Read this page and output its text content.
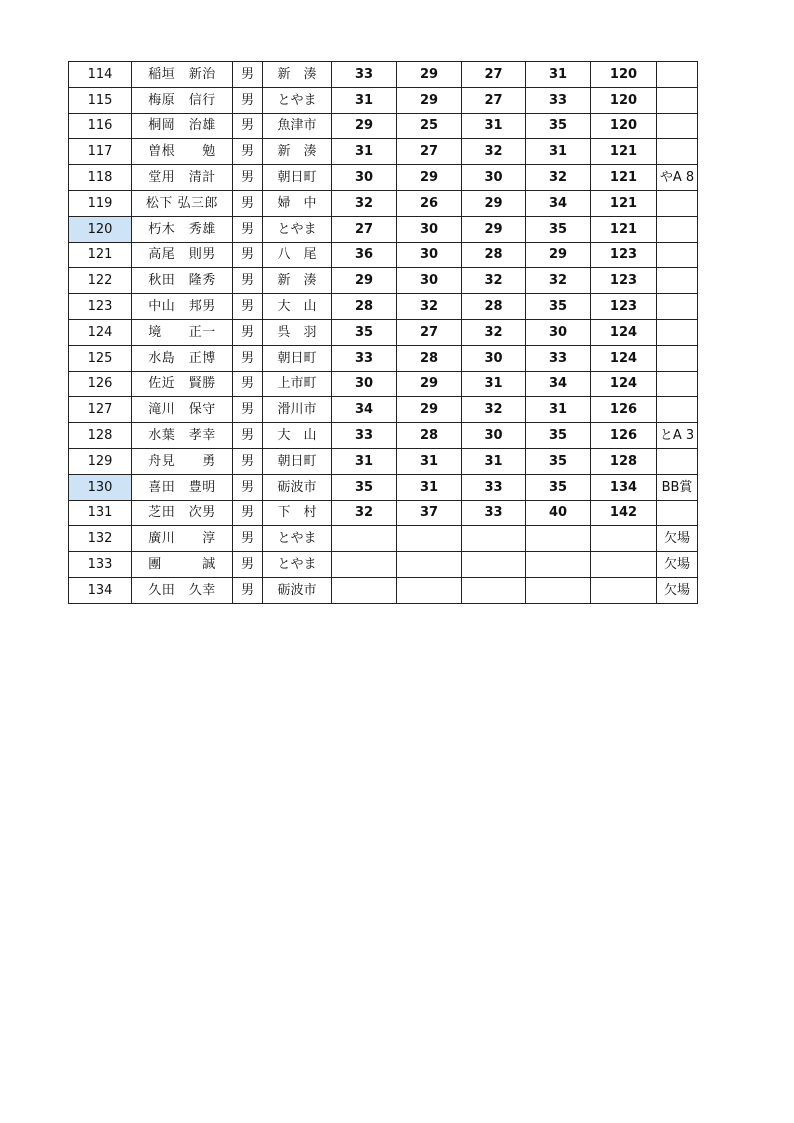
114	稲垣　新治	男	新　湊	33	29	27	31	120	
115	梅原　信行	男	とやま	31	29	27	33	120	
116	桐岡　治雄	男	魚津市	29	25	31	35	120	
117	曽根　　勉	男	新　湊	31	27	32	31	121	
118	堂用　清計	男	朝日町	30	29	30	32	121	やA 8
119	松下 弘三郎	男	婦　中	32	26	29	34	121	
120	朽木　秀雄	男	とやま	27	30	29	35	121	
121	高尾　則男	男	八　尾	36	30	28	29	123	
122	秋田　隆秀	男	新　湊	29	30	32	32	123	
123	中山　邦男	男	大　山	28	32	28	35	123	
124	境　　正一	男	呉　羽	35	27	32	30	124	
125	水島　正博	男	朝日町	33	28	30	33	124	
126	佐近　賢勝	男	上市町	30	29	31	34	124	
127	滝川　保守	男	滑川市	34	29	32	31	126	
128	水葉　孝幸	男	大　山	33	28	30	35	126	とA 3
129	舟見　　勇	男	朝日町	31	31	31	35	128	
130	喜田　豊明	男	砺波市	35	31	33	35	134	BB賞
131	芝田　次男	男	下　村	32	37	33	40	142	
132	廣川　　淳	男	とやま						欠場
133	團　　　誠	男	とやま						欠場
134	久田　久幸	男	砺波市						欠場
